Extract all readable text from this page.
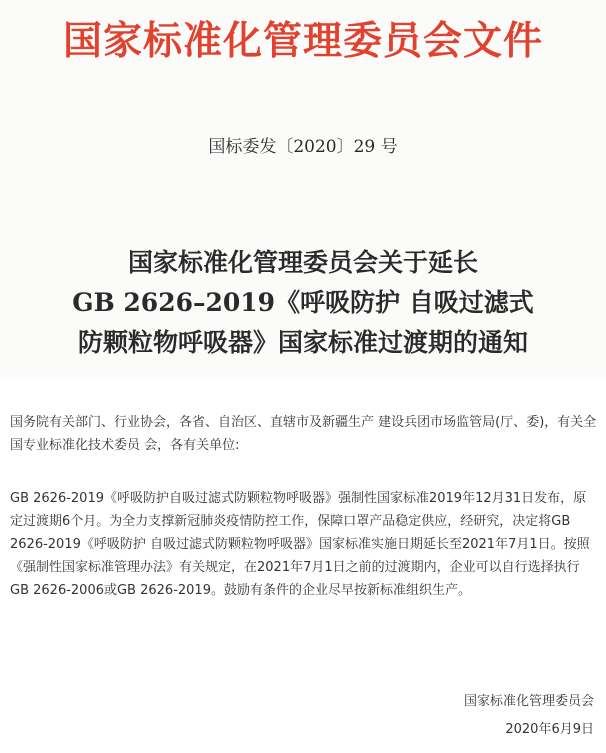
国家标准化管理委员会文件
国标委发〔2020〕29 号
国家标准化管理委员会关于延长
GB 2626–2019《呼吸防护 自吸过滤式
防颗粒物呼吸器》国家标准过渡期的通知
国务院有关部门、行业协会，各省、自治区、直辖市及新疆生产 建设兵团市场监管局(厅、委)，有关全国专业标准化技术委员 会，各有关单位:
GB 2626-2019《呼吸防护自吸过滤式防颗粒物呼吸器》强制性国家标准2019年12月31日发布，原定过渡期6个月。为全力支撑新冠肺炎疫情防控工作，保障口罩产品稳定供应，经研究，决定将GB 2626-2019《呼吸防护 自吸过滤式防颗粒物呼吸器》国家标准实施日期延长至2021年7月1日。按照《强制性国家标准管理办法》有关规定，在2021年7月1日之前的过渡期内，企业可以自行选择执行GB 2626-2006或GB 2626-2019。鼓励有条件的企业尽早按新标准组织生产。
国家标准化管理委员会
2020年6月9日
